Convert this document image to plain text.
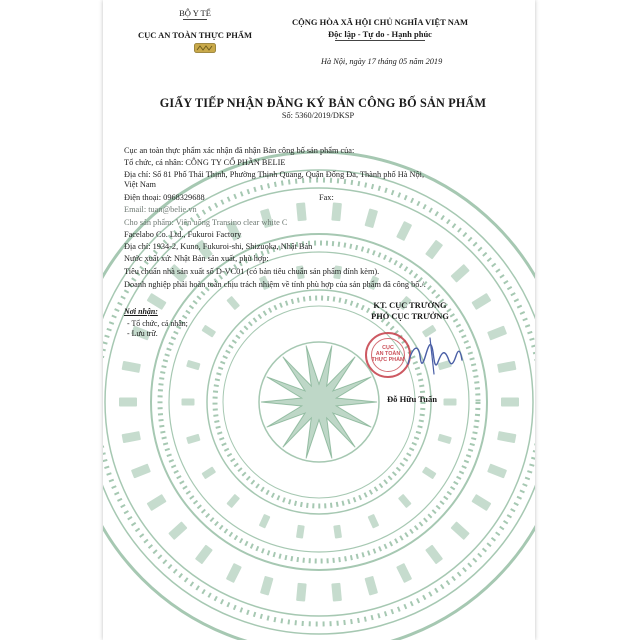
BỘ Y TẾ
CỤC AN TOÀN THỰC PHẨM
CỘNG HÒA XÃ HỘI CHỦ NGHĨA VIỆT NAM
Độc lập - Tự do - Hạnh phúc
Hà Nội, ngày 17 tháng 05 năm 2019
GIẤY TIẾP NHẬN ĐĂNG KÝ BẢN CÔNG BỐ SẢN PHẨM
Số: 5360/2019/DKSP
Cục an toàn thực phẩm xác nhận đã nhận Bản công bố sản phẩm của:
Tổ chức, cá nhân: CÔNG TY CỔ PHẦN BELIE
Địa chỉ: Số 81 Phố Thái Thịnh, Phường Thịnh Quang, Quận Đống Đa, Thành phố Hà Nội,
Việt Nam
Điện thoại: 0968329688	Fax:
Email: tuan@belie.vn
Cho sản phẩm: Viên uống Transino clear white C
Facelabo Co. Ltd., Fukuroi Factory
Địa chỉ: 1934-2, Kuno, Fukuroi-shi, Shizuoka, Nhật Bản
Nước xuất xứ: Nhật Bản sản xuất, phù hợp:
Tiêu chuẩn nhà sản xuất số D-VC01 (có bản tiêu chuẩn sản phẩm đính kèm).
Doanh nghiệp phải hoàn toàn chịu trách nhiệm về tính phù hợp của sản phẩm đã công bố./.
Nơi nhận:
- Tổ chức, cá nhân;
- Lưu trữ.
KT. CỤC TRƯỞNG
PHÓ CỤC TRƯỞNG
CỤC
AN TOÀN
THỰC PHẨM
Đỗ Hữu Tuấn
